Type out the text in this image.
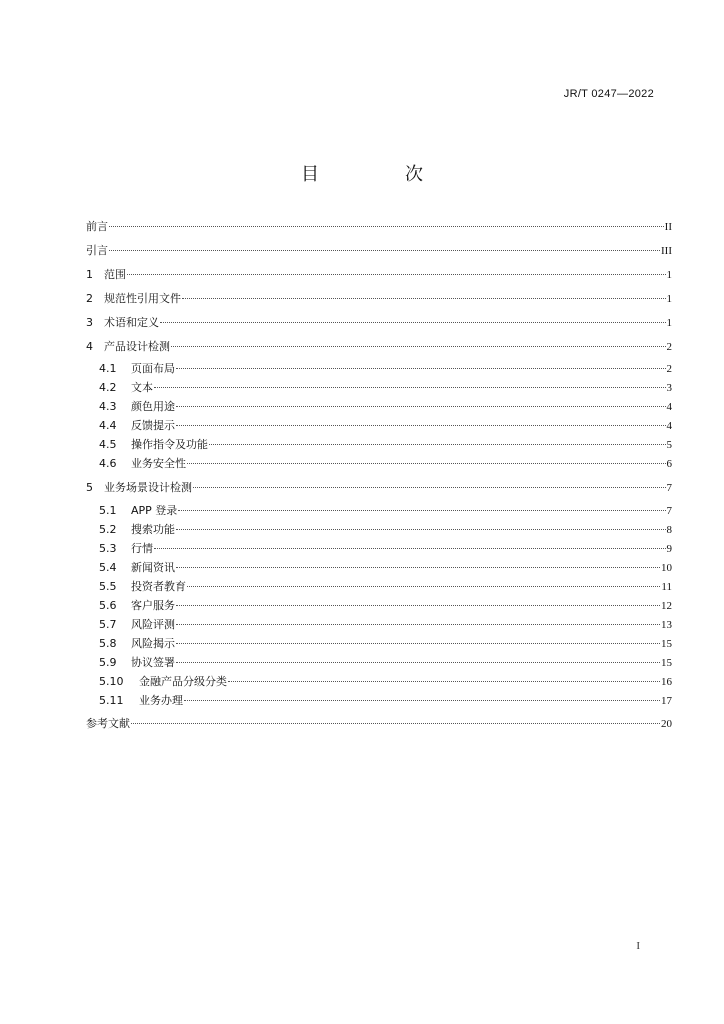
JR/T 0247—2022
目　次
前言	II
引言	III
1	范围	1
2	规范性引用文件	1
3	术语和定义	1
4	产品设计检测	2
4.1	页面布局	2
4.2	文本	3
4.3	颜色用途	4
4.4	反馈提示	4
4.5	操作指令及功能	5
4.6	业务安全性	6
5	业务场景设计检测	7
5.1	APP 登录	7
5.2	搜索功能	8
5.3	行情	9
5.4	新闻资讯	10
5.5	投资者教育	11
5.6	客户服务	12
5.7	风险评测	13
5.8	风险揭示	15
5.9	协议签署	15
5.10	金融产品分级分类	16
5.11	业务办理	17
参考文献	20
I
